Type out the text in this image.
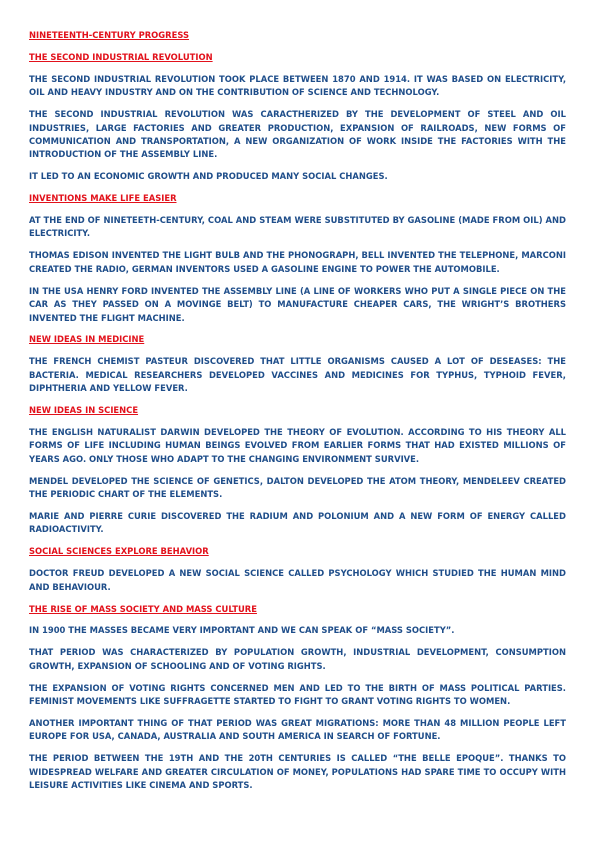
NINETEENTH-CENTURY PROGRESS
THE SECOND INDUSTRIAL REVOLUTION

THE SECOND INDUSTRIAL REVOLUTION TOOK PLACE BETWEEN 1870 AND 1914. IT WAS BASED ON ELECTRICITY, OIL AND HEAVY INDUSTRY AND ON THE CONTRIBUTION OF SCIENCE AND TECHNOLOGY.

THE SECOND INDUSTRIAL REVOLUTION WAS CARACTHERIZED BY THE DEVELOPMENT OF STEEL AND OIL INDUSTRIES, LARGE FACTORIES AND GREATER PRODUCTION, EXPANSION OF RAILROADS, NEW FORMS OF COMMUNICATION AND TRANSPORTATION, A NEW ORGANIZATION OF WORK INSIDE THE FACTORIES WITH THE INTRODUCTION OF THE ASSEMBLY LINE.

IT LED TO AN ECONOMIC GROWTH AND PRODUCED MANY SOCIAL CHANGES.

INVENTIONS MAKE LIFE EASIER

AT THE END OF NINETEETH-CENTURY, COAL AND STEAM WERE SUBSTITUTED BY GASOLINE (MADE FROM OIL) AND ELECTRICITY.

THOMAS EDISON INVENTED THE LIGHT BULB AND THE PHONOGRAPH, BELL INVENTED THE TELEPHONE, MARCONI CREATED THE RADIO, GERMAN INVENTORS USED A GASOLINE ENGINE TO POWER THE AUTOMOBILE.

IN THE USA HENRY FORD INVENTED THE ASSEMBLY LINE (A LINE OF WORKERS WHO PUT A SINGLE PIECE ON THE CAR AS THEY PASSED ON A MOVINGE BELT) TO MANUFACTURE CHEAPER CARS, THE WRIGHT’S BROTHERS INVENTED THE FLIGHT MACHINE.

NEW IDEAS IN MEDICINE

THE FRENCH CHEMIST PASTEUR DISCOVERED THAT LITTLE ORGANISMS CAUSED A LOT OF DESEASES: THE BACTERIA. MEDICAL RESEARCHERS DEVELOPED VACCINES AND MEDICINES FOR TYPHUS, TYPHOID FEVER, DIPHTHERIA AND YELLOW FEVER.

NEW IDEAS IN SCIENCE

THE ENGLISH NATURALIST DARWIN DEVELOPED THE THEORY OF EVOLUTION. ACCORDING TO HIS THEORY ALL FORMS OF LIFE INCLUDING HUMAN BEINGS EVOLVED FROM EARLIER FORMS THAT HAD EXISTED MILLIONS OF YEARS AGO. ONLY THOSE WHO ADAPT TO THE CHANGING ENVIRONMENT SURVIVE.

MENDEL DEVELOPED THE SCIENCE OF GENETICS, DALTON DEVELOPED THE ATOM THEORY, MENDELEEV CREATED THE PERIODIC CHART OF THE ELEMENTS.

MARIE AND PIERRE CURIE DISCOVERED THE RADIUM AND POLONIUM AND A NEW FORM OF ENERGY CALLED RADIOACTIVITY.

SOCIAL SCIENCES EXPLORE BEHAVIOR

DOCTOR FREUD DEVELOPED A NEW SOCIAL SCIENCE CALLED PSYCHOLOGY WHICH STUDIED THE HUMAN MIND AND BEHAVIOUR.

THE RISE OF MASS SOCIETY AND MASS CULTURE

IN 1900 THE MASSES BECAME VERY IMPORTANT AND WE CAN SPEAK OF “MASS SOCIETY”.

THAT PERIOD WAS CHARACTERIZED BY POPULATION GROWTH, INDUSTRIAL DEVELOPMENT, CONSUMPTION GROWTH, EXPANSION OF SCHOOLING AND OF VOTING RIGHTS.

THE EXPANSION OF VOTING RIGHTS CONCERNED MEN AND LED TO THE BIRTH OF MASS POLITICAL PARTIES. FEMINIST MOVEMENTS LIKE SUFFRAGETTE STARTED TO FIGHT TO GRANT VOTING RIGHTS TO WOMEN.

ANOTHER IMPORTANT THING OF THAT PERIOD WAS GREAT MIGRATIONS: MORE THAN 48 MILLION PEOPLE LEFT EUROPE FOR USA, CANADA, AUSTRALIA AND SOUTH AMERICA IN SEARCH OF FORTUNE.

THE PERIOD BETWEEN THE 19TH AND THE 20TH CENTURIES IS CALLED “THE BELLE EPOQUE”. THANKS TO WIDESPREAD WELFARE AND GREATER CIRCULATION OF MONEY, POPULATIONS HAD SPARE TIME TO OCCUPY WITH LEISURE ACTIVITIES LIKE CINEMA AND SPORTS.
